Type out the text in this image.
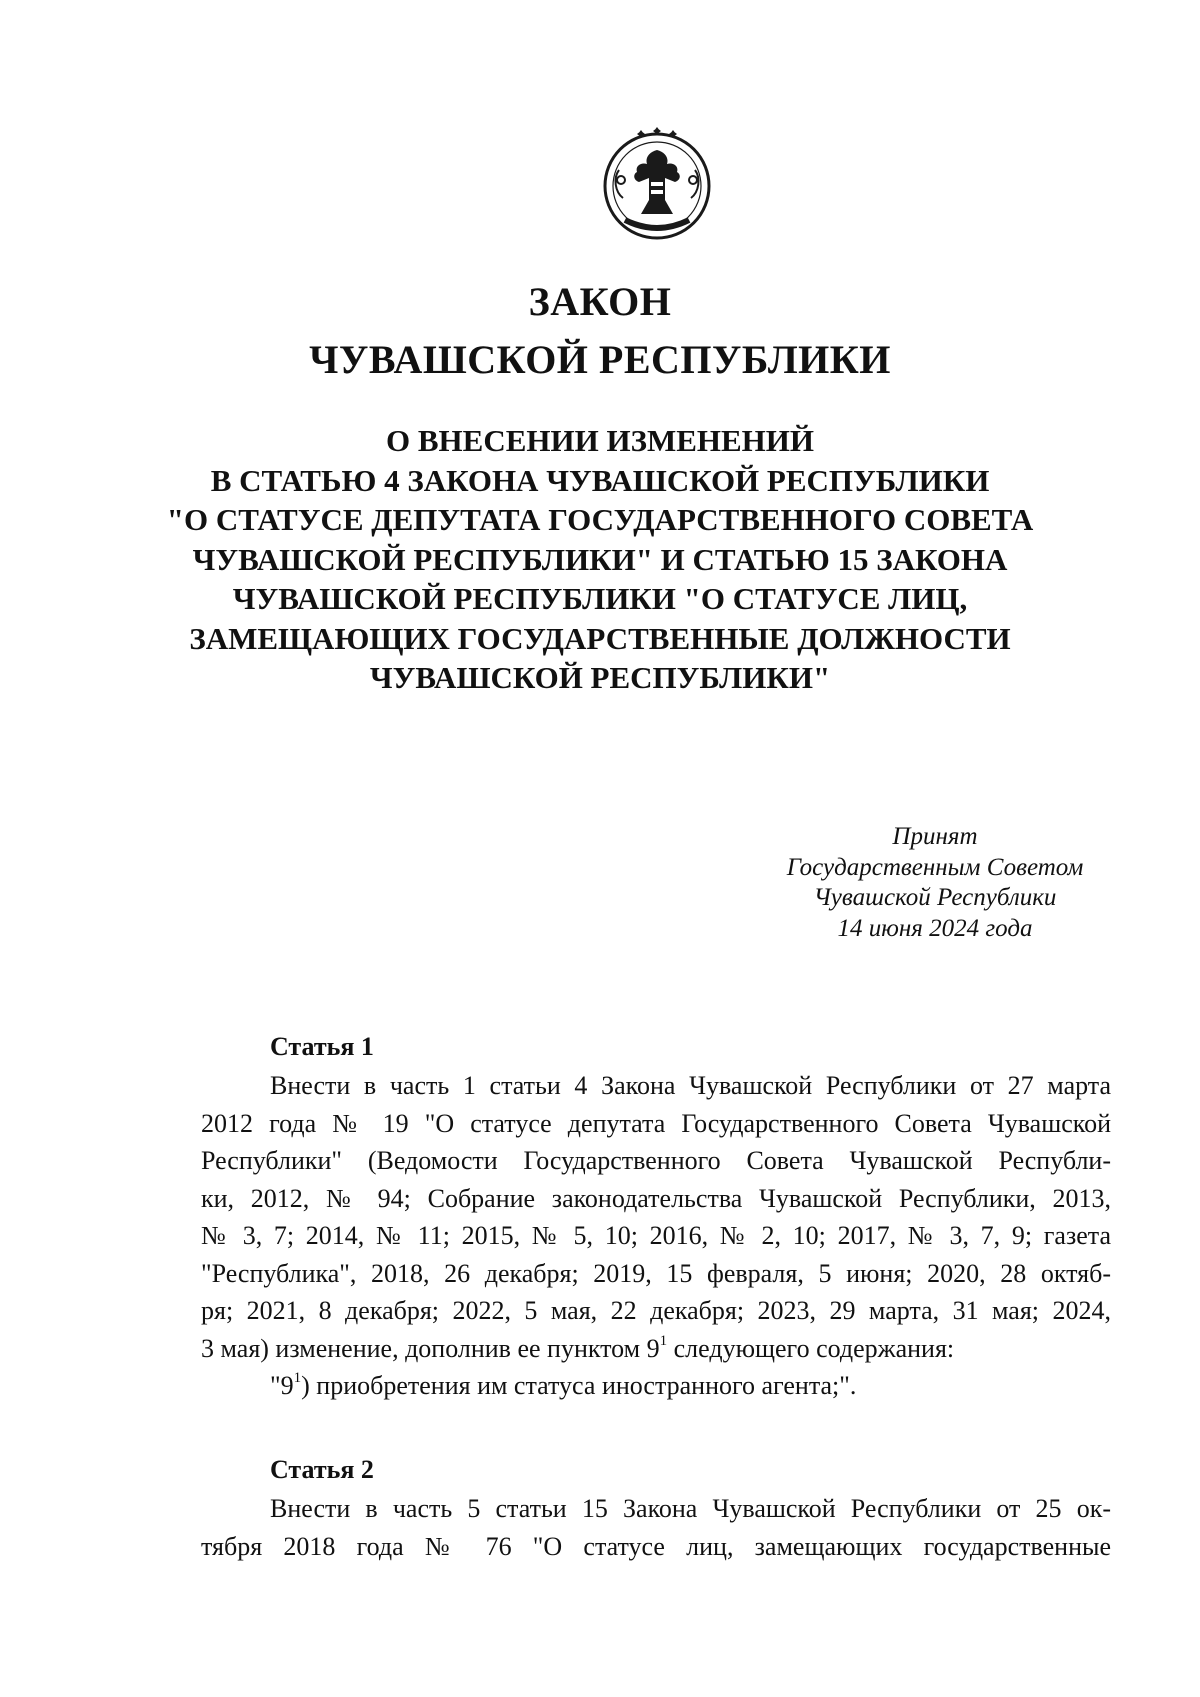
ЗАКОН
ЧУВАШСКОЙ РЕСПУБЛИКИ
О ВНЕСЕНИИ ИЗМЕНЕНИЙ
В СТАТЬЮ 4 ЗАКОНА ЧУВАШСКОЙ РЕСПУБЛИКИ
"О СТАТУСЕ ДЕПУТАТА ГОСУДАРСТВЕННОГО СОВЕТА
ЧУВАШСКОЙ РЕСПУБЛИКИ" И СТАТЬЮ 15 ЗАКОНА
ЧУВАШСКОЙ РЕСПУБЛИКИ "О СТАТУСЕ ЛИЦ,
ЗАМЕЩАЮЩИХ ГОСУДАРСТВЕННЫЕ ДОЛЖНОСТИ
ЧУВАШСКОЙ РЕСПУБЛИКИ"
Принят
Государственным Советом
Чувашской Республики
14 июня 2024 года
Статья 1
Внести в часть 1 статьи 4 Закона Чувашской Республики от 27 марта
2012 года № 19 "О статусе депутата Государственного Совета Чувашской
Республики" (Ведомости Государственного Совета Чувашской Республи-
ки, 2012, № 94; Собрание законодательства Чувашской Республики, 2013,
№ 3, 7; 2014, № 11; 2015, № 5, 10; 2016, № 2, 10; 2017, № 3, 7, 9; газета
"Республика", 2018, 26 декабря; 2019, 15 февраля, 5 июня; 2020, 28 октяб-
ря; 2021, 8 декабря; 2022, 5 мая, 22 декабря; 2023, 29 марта, 31 мая; 2024,
3 мая) изменение, дополнив ее пунктом $9^1$ следующего содержания:
"$9^1$) приобретения им статуса иностранного агента;".
Статья 2
Внести в часть 5 статьи 15 Закона Чувашской Республики от 25 ок-
тября 2018 года № 76 "О статусе лиц, замещающих государственные
